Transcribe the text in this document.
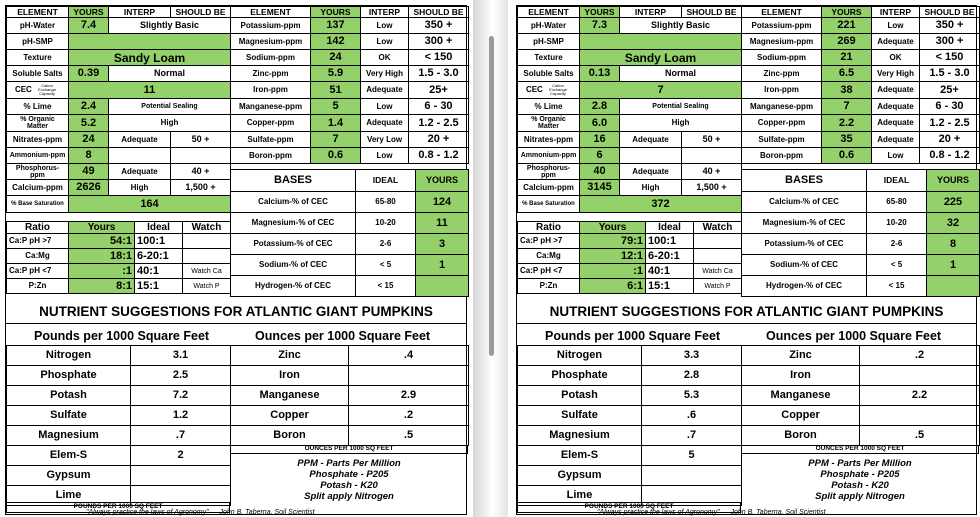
ELEMENT	YOURS	INTERP	SHOULD BE
pH-Water	7.4	Slightly Basic	
pH-SMP			
Texture	Sandy Loam		
Soluble Salts	0.39	Normal	
CEC Cation Exchange Capacity	11		
% Lime	2.4	Potential Sealing	
% Organic Matter	5.2	High	
Nitrates-ppm	24	Adequate	50 +
Ammonium-ppm	8		
Phosphorus-ppm	49	Adequate	40 +
Calcium-ppm	2626	High	1,500 +
% Base Saturation	164		
Ratio	Yours	Ideal	Watch
Ca:P pH >7	54:1	100:1	
Ca:Mg	18:1	6-20:1	
Ca:P pH <7	:1	40:1	Watch Ca
P:Zn	8:1	15:1	Watch P
ELEMENT	YOURS	INTERP	SHOULD BE
Potassium-ppm	137	Low	350 +
Magnesium-ppm	142	Low	300 +
Sodium-ppm	24	OK	< 150
Zinc-ppm	5.9	Very High	1.5 - 3.0
Iron-ppm	51	Adequate	25+
Manganese-ppm	5	Low	6 - 30
Copper-ppm	1.4	Adequate	1.2 - 2.5
Sulfate-ppm	7	Very Low	20 +
Boron-ppm	0.6	Low	0.8 - 1.2
BASES	IDEAL	YOURS
Calcium-% of CEC	65-80	124
Magnesium-% of CEC	10-20	11
Potassium-% of CEC	2-6	3
Sodium-% of CEC	< 5	1
Hydrogen-% of CEC	< 15	
NUTRIENT SUGGESTIONS FOR ATLANTIC GIANT PUMPKINS
Pounds per 1000 Square Feet	Ounces per 1000 Square Feet
Nitrogen	3.1
Phosphate	2.5
Potash	7.2
Sulfate	1.2
Magnesium	.7
Elem-S	2
Gypsum	
Lime	
Zinc	.4
Iron	
Manganese	2.9
Copper	.2
Boron	.5
OUNCES PER 1000 SQ FEET
POUNDS PER 1000 SQ FEET
PPM - Parts Per Million
Phosphate - P205
Potash - K20
Split apply Nitrogen
"Always practice the laws of Agronomy" — John B. Taberna, Soil Scientist
ELEMENT	YOURS	INTERP	SHOULD BE
pH-Water	7.3	Slightly Basic	
pH-SMP			
Texture	Sandy Loam		
Soluble Salts	0.13	Normal	
CEC Cation Exchange Capacity	7		
% Lime	2.8	Potential Sealing	
% Organic Matter	6.0	High	
Nitrates-ppm	16	Adequate	50 +
Ammonium-ppm	6		
Phosphorus-ppm	40	Adequate	40 +
Calcium-ppm	3145	High	1,500 +
% Base Saturation	372		
Ratio	Yours	Ideal	Watch
Ca:P pH >7	79:1	100:1	
Ca:Mg	12:1	6-20:1	
Ca:P pH <7	:1	40:1	Watch Ca
P:Zn	6:1	15:1	Watch P
ELEMENT	YOURS	INTERP	SHOULD BE
Potassium-ppm	221	Low	350 +
Magnesium-ppm	269	Adequate	300 +
Sodium-ppm	21	OK	< 150
Zinc-ppm	6.5	Very High	1.5 - 3.0
Iron-ppm	38	Adequate	25+
Manganese-ppm	7	Adequate	6 - 30
Copper-ppm	2.2	Adequate	1.2 - 2.5
Sulfate-ppm	35	Adequate	20 +
Boron-ppm	0.6	Low	0.8 - 1.2
BASES	IDEAL	YOURS
Calcium-% of CEC	65-80	225
Magnesium-% of CEC	10-20	32
Potassium-% of CEC	2-6	8
Sodium-% of CEC	< 5	1
Hydrogen-% of CEC	< 15	
NUTRIENT SUGGESTIONS FOR ATLANTIC GIANT PUMPKINS
Pounds per 1000 Square Feet	Ounces per 1000 Square Feet
Nitrogen	3.3
Phosphate	2.8
Potash	5.3
Sulfate	.6
Magnesium	.7
Elem-S	5
Gypsum	
Lime	
Zinc	.2
Iron	
Manganese	2.2
Copper	
Boron	.5
OUNCES PER 1000 SQ FEET
POUNDS PER 1000 SQ FEET
PPM - Parts Per Million
Phosphate - P205
Potash - K20
Split apply Nitrogen
"Always practice the laws of Agronomy" — John B. Taberna, Soil Scientist
